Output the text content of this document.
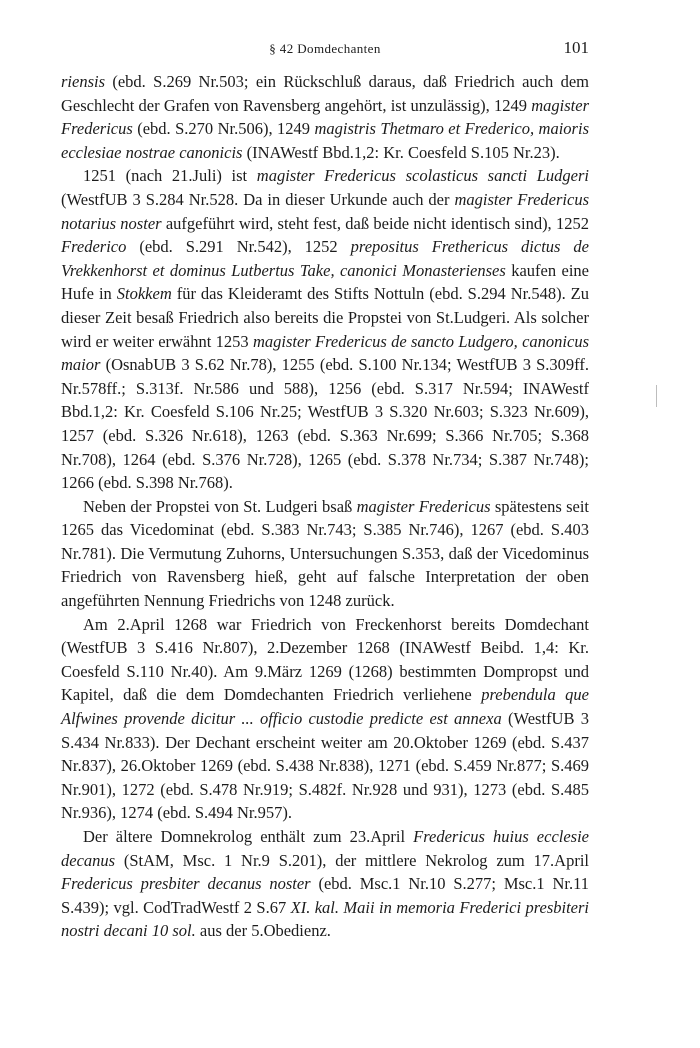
§ 42 Domdechanten	101

riensis (ebd. S.269 Nr.503; ein Rückschluß daraus, daß Friedrich auch dem Geschlecht der Grafen von Ravensberg angehört, ist unzulässig), 1249 magister Fredericus (ebd. S.270 Nr.506), 1249 magistris Thetmaro et Frederico, maioris ecclesiae nostrae canonicis (INAWestf Bbd.1,2: Kr. Coesfeld S.105 Nr.23).

1251 (nach 21.Juli) ist magister Fredericus scolasticus sancti Ludgeri (WestfUB 3 S.284 Nr.528. Da in dieser Urkunde auch der magister Fredericus notarius noster aufgeführt wird, steht fest, daß beide nicht identisch sind), 1252 Frederico (ebd. S.291 Nr.542), 1252 prepositus Frethericus dictus de Vrekkenhorst et dominus Lutbertus Take, canonici Monasterienses kaufen eine Hufe in Stokkem für das Kleideramt des Stifts Nottuln (ebd. S.294 Nr.548). Zu dieser Zeit besaß Friedrich also bereits die Propstei von St.Ludgeri. Als solcher wird er weiter erwähnt 1253 magister Fredericus de sancto Ludgero, canonicus maior (OsnabUB 3 S.62 Nr.78), 1255 (ebd. S.100 Nr.134; WestfUB 3 S.309ff. Nr.578ff.; S.313f. Nr.586 und 588), 1256 (ebd. S.317 Nr.594; INAWestf Bbd.1,2: Kr. Coesfeld S.106 Nr.25; WestfUB 3 S.320 Nr.603; S.323 Nr.609), 1257 (ebd. S.326 Nr.618), 1263 (ebd. S.363 Nr.699; S.366 Nr.705; S.368 Nr.708), 1264 (ebd. S.376 Nr.728), 1265 (ebd. S.378 Nr.734; S.387 Nr.748); 1266 (ebd. S.398 Nr.768).

Neben der Propstei von St. Ludgeri bsaß magister Fredericus spätestens seit 1265 das Vicedominat (ebd. S.383 Nr.743; S.385 Nr.746), 1267 (ebd. S.403 Nr.781). Die Vermutung Zuhorns, Untersuchungen S.353, daß der Vicedominus Friedrich von Ravensberg hieß, geht auf falsche Interpretation der oben angeführten Nennung Friedrichs von 1248 zurück.

Am 2.April 1268 war Friedrich von Freckenhorst bereits Domdechant (WestfUB 3 S.416 Nr.807), 2.Dezember 1268 (INAWestf Beibd. 1,4: Kr. Coesfeld S.110 Nr.40). Am 9.März 1269 (1268) bestimmten Dompropst und Kapitel, daß die dem Domdechanten Friedrich verliehene prebendula que Alfwines provende dicitur ... officio custodie predicte est annexa (WestfUB 3 S.434 Nr.833). Der Dechant erscheint weiter am 20.Oktober 1269 (ebd. S.437 Nr.837), 26.Oktober 1269 (ebd. S.438 Nr.838), 1271 (ebd. S.459 Nr.877; S.469 Nr.901), 1272 (ebd. S.478 Nr.919; S.482f. Nr.928 und 931), 1273 (ebd. S.485 Nr.936), 1274 (ebd. S.494 Nr.957).

Der ältere Domnekrolog enthält zum 23.April Fredericus huius ecclesie decanus (StAM, Msc. 1 Nr.9 S.201), der mittlere Nekrolog zum 17.April Fredericus presbiter decanus noster (ebd. Msc.1 Nr.10 S.277; Msc.1 Nr.11 S.439); vgl. CodTradWestf 2 S.67 XI. kal. Maii in memoria Frederici presbiteri nostri decani 10 sol. aus der 5.Obedienz.
